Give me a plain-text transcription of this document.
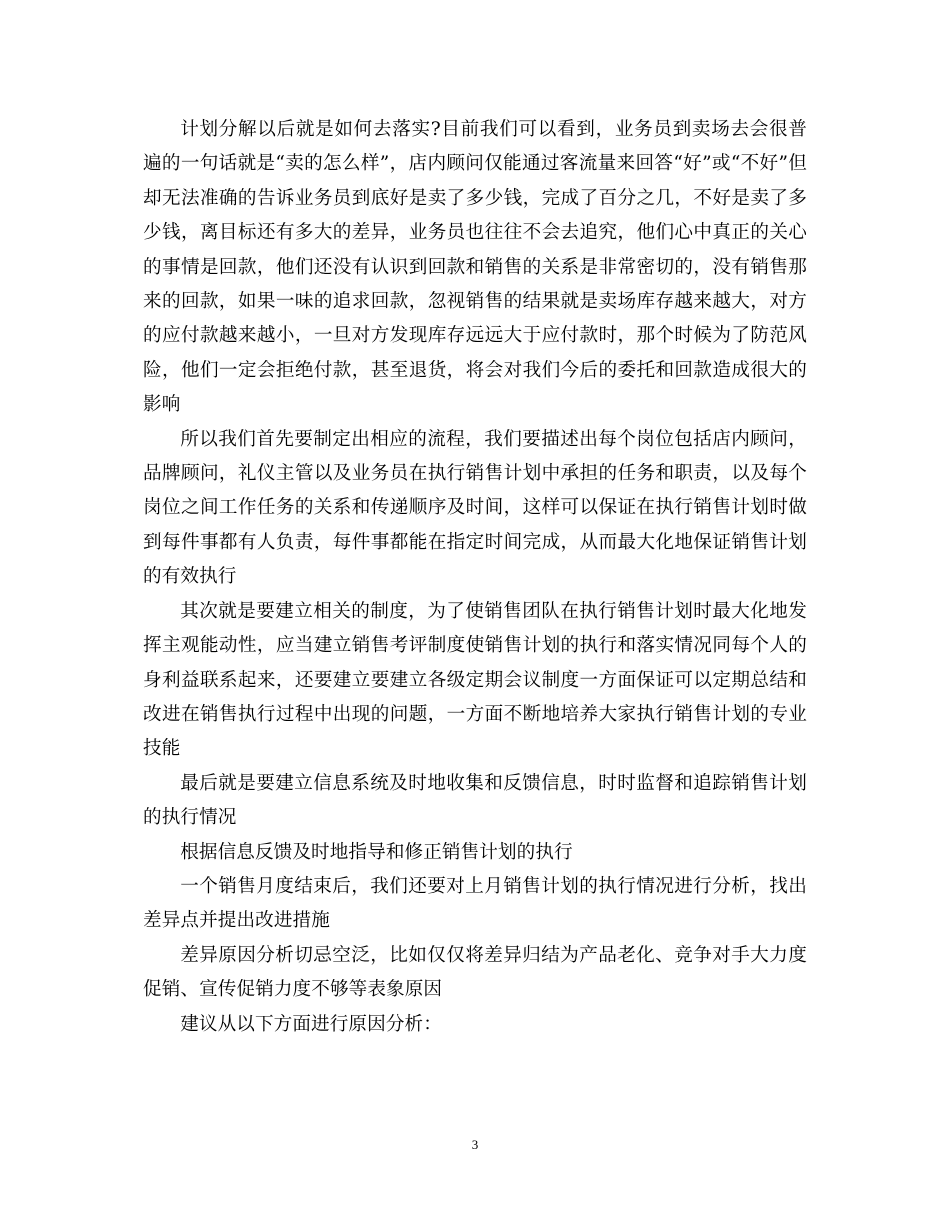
计划分解以后就是如何去落实?目前我们可以看到，业务员到卖场去会很普遍的一句话就是“卖的怎么样”，店内顾问仅能通过客流量来回答“好”或“不好”但却无法准确的告诉业务员到底好是卖了多少钱，完成了百分之几，不好是卖了多少钱，离目标还有多大的差异，业务员也往往不会去追究，他们心中真正的关心的事情是回款，他们还没有认识到回款和销售的关系是非常密切的，没有销售那来的回款，如果一味的追求回款，忽视销售的结果就是卖场库存越来越大，对方的应付款越来越小，一旦对方发现库存远远大于应付款时，那个时候为了防范风险，他们一定会拒绝付款，甚至退货，将会对我们今后的委托和回款造成很大的影响

所以我们首先要制定出相应的流程，我们要描述出每个岗位包括店内顾问，品牌顾问，礼仪主管以及业务员在执行销售计划中承担的任务和职责，以及每个岗位之间工作任务的关系和传递顺序及时间，这样可以保证在执行销售计划时做到每件事都有人负责，每件事都能在指定时间完成，从而最大化地保证销售计划的有效执行

其次就是要建立相关的制度，为了使销售团队在执行销售计划时最大化地发挥主观能动性，应当建立销售考评制度使销售计划的执行和落实情况同每个人的身利益联系起来，还要建立要建立各级定期会议制度一方面保证可以定期总结和改进在销售执行过程中出现的问题，一方面不断地培养大家执行销售计划的专业技能

最后就是要建立信息系统及时地收集和反馈信息，时时监督和追踪销售计划的执行情况

根据信息反馈及时地指导和修正销售计划的执行

一个销售月度结束后，我们还要对上月销售计划的执行情况进行分析，找出差异点并提出改进措施

差异原因分析切忌空泛，比如仅仅将差异归结为产品老化、竞争对手大力度促销、宣传促销力度不够等表象原因

建议从以下方面进行原因分析：

3
